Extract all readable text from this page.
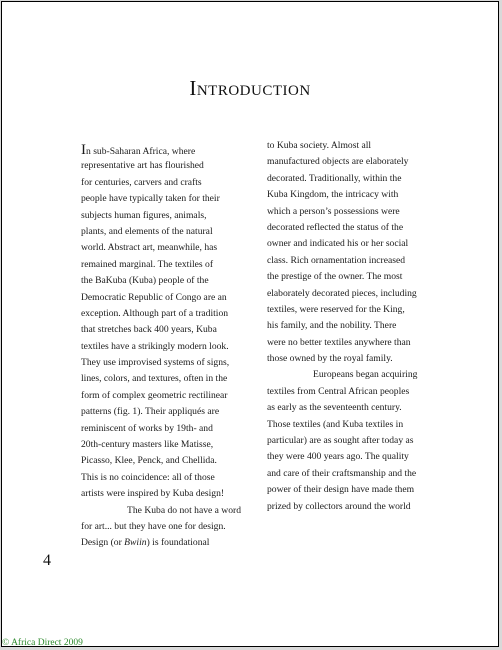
Introduction
In sub-Saharan Africa, where
representative art has flourished
for centuries, carvers and crafts
people have typically taken for their
subjects human figures, animals,
plants, and elements of the natural
world. Abstract art, meanwhile, has
remained marginal. The textiles of
the BaKuba (Kuba) people of the
Democratic Republic of Congo are an
exception. Although part of a tradition
that stretches back 400 years, Kuba
textiles have a strikingly modern look.
They use improvised systems of signs,
lines, colors, and textures, often in the
form of complex geometric rectilinear
patterns (fig. 1). Their appliqués are
reminiscent of works by 19th- and
20th-century masters like Matisse,
Picasso, Klee, Penck, and Chellida.
This is no coincidence: all of those
artists were inspired by Kuba design!
The Kuba do not have a word
for art... but they have one for design.
Design (or Bwiin) is foundational
to Kuba society. Almost all
manufactured objects are elaborately
decorated. Traditionally, within the
Kuba Kingdom, the intricacy with
which a person’s possessions were
decorated reflected the status of the
owner and indicated his or her social
class. Rich ornamentation increased
the prestige of the owner. The most
elaborately decorated pieces, including
textiles, were reserved for the King,
his family, and the nobility. There
were no better textiles anywhere than
those owned by the royal family.
Europeans began acquiring
textiles from Central African peoples
as early as the seventeenth century.
Those textiles (and Kuba textiles in
particular) are as sought after today as
they were 400 years ago. The quality
and care of their craftsmanship and the
power of their design have made them
prized by collectors around the world
4
© Africa Direct 2009
